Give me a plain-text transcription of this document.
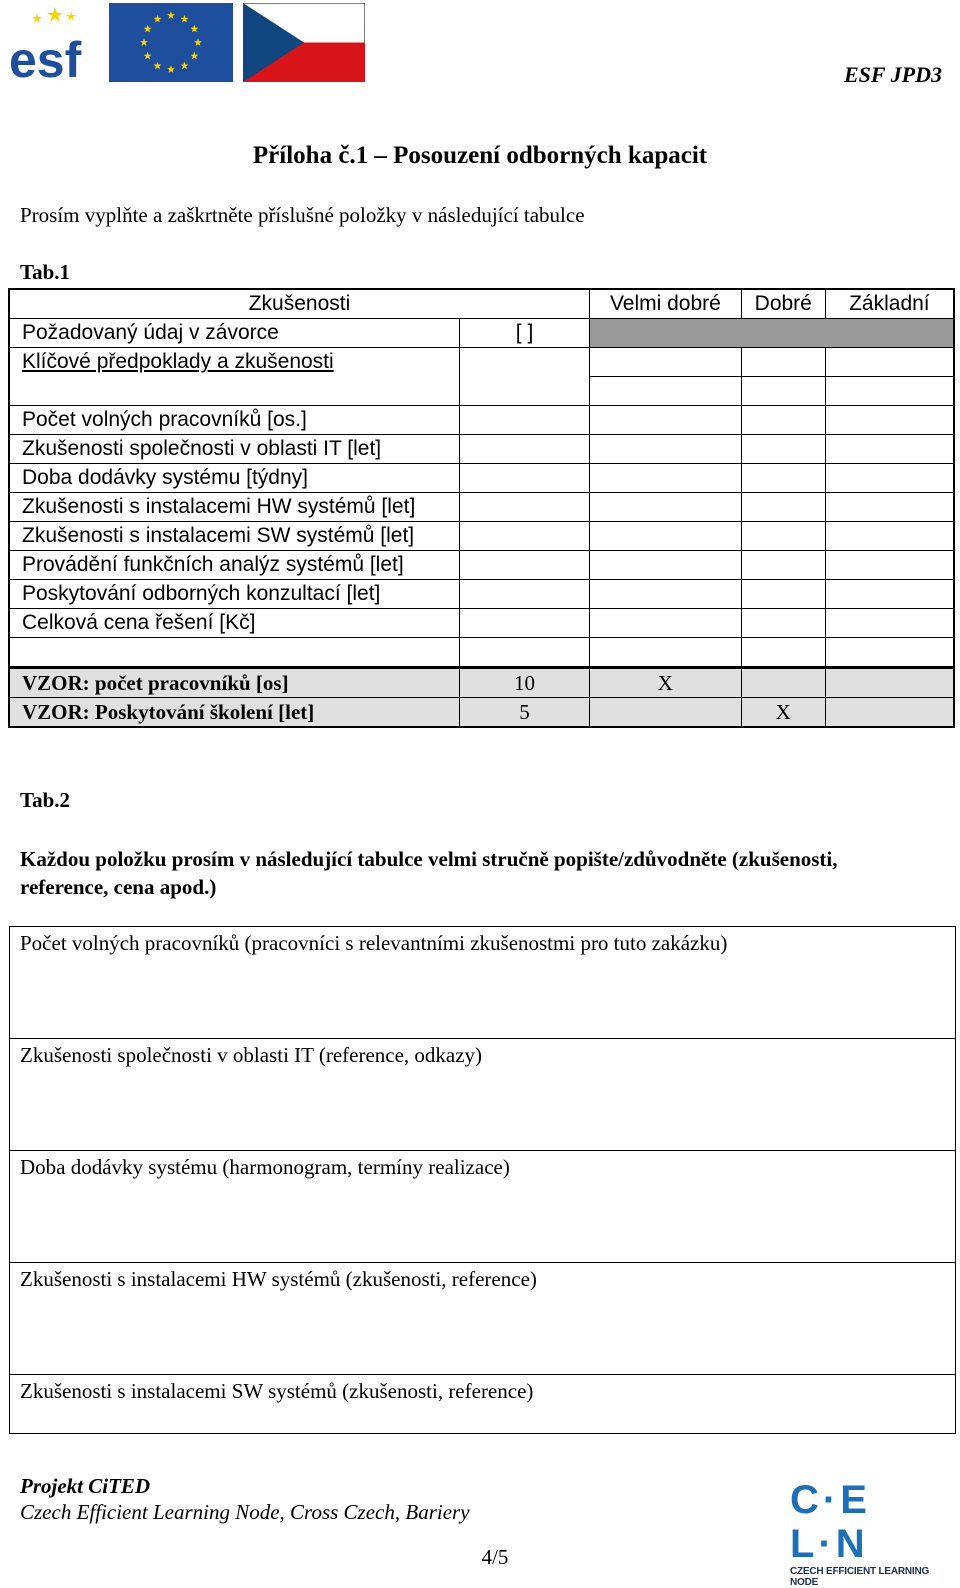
esf	ESF JPD3
Příloha č.1 – Posouzení odborných kapacit
Prosím vyplňte a zaškrtněte příslušné položky v následující tabulce
Tab.1
Zkušenosti		Velmi dobré	Dobré	Základní
Požadovaný údaj v závorce	[ ]			
Klíčové předpoklady a zkušenosti				

Počet volných pracovníků [os.]				
Zkušenosti společnosti v oblasti IT [let]				
Doba dodávky systému [týdny]				
Zkušenosti s instalacemi HW systémů [let]				
Zkušenosti s instalacemi SW systémů [let]				
Provádění funkčních analýz systémů [let]				
Poskytování odborných konzultací [let]				
Celková cena řešení [Kč]				

VZOR: počet pracovníků [os]	10	X		
VZOR: Poskytování školení [let]	5		X	
Tab.2
Každou položku prosím v následující tabulce velmi stručně popište/zdůvodněte (zkušenosti, reference, cena apod.)
Počet volných pracovníků (pracovníci s relevantními zkušenostmi pro tuto zakázku)
Zkušenosti společnosti v oblasti IT (reference, odkazy)
Doba dodávky systému (harmonogram, termíny realizace)
Zkušenosti s instalacemi HW systémů (zkušenosti, reference)
Zkušenosti s instalacemi SW systémů (zkušenosti, reference)
Projekt CiTED
Czech Efficient Learning Node, Cross Czech, Bariery
4/5
C·E L·N
CZECH EFFICIENT LEARNING NODE
